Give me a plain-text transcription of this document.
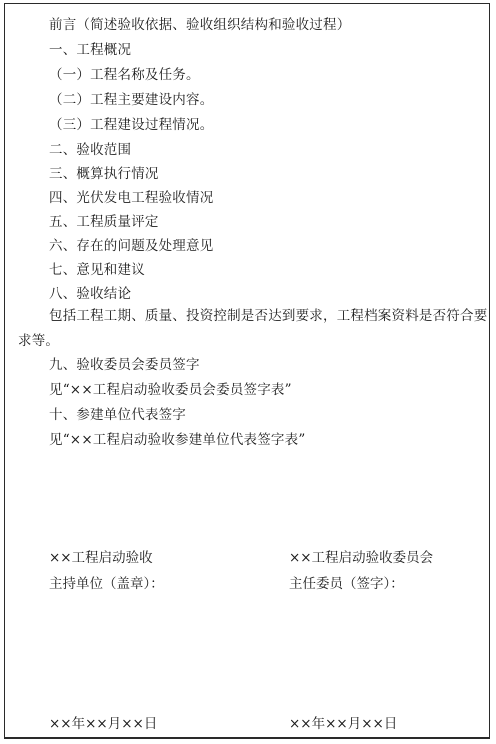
前言（简述验收依据、验收组织结构和验收过程）
一、工程概况
（一）工程名称及任务。
（二）工程主要建设内容。
（三）工程建设过程情况。
二、验收范围
三、概算执行情况
四、光伏发电工程验收情况
五、工程质量评定
六、存在的问题及处理意见
七、意见和建议
八、验收结论
包括工程工期、质量、投资控制是否达到要求，工程档案资料是否符合要求等。
九、验收委员会委员签字
见“××工程启动验收委员会委员签字表”
十、参建单位代表签字
见“××工程启动验收参建单位代表签字表”
××工程启动验收
主持单位（盖章）：
××工程启动验收委员会
主任委员（签字）：
××年××月××日	××年××月××日
